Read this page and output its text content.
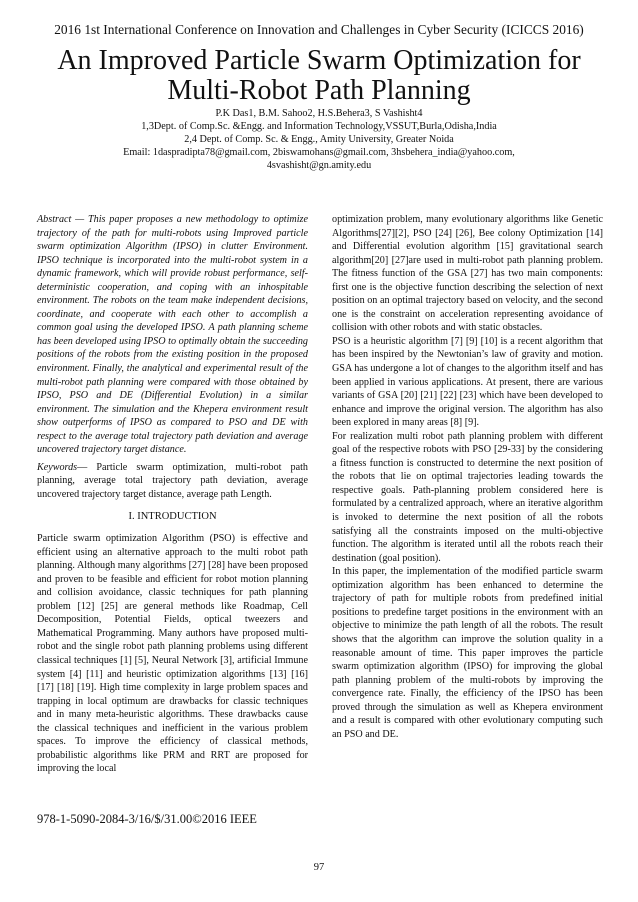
2016 1st International Conference on Innovation and Challenges in Cyber Security (ICICCS 2016)
An Improved Particle Swarm Optimization for
Multi-Robot Path Planning
P.K Das1, B.M. Sahoo2, H.S.Behera3, S Vashisht4
1,3Dept. of Comp.Sc. &Engg. and Information Technology,VSSUT,Burla,Odisha,India
2,4 Dept. of Comp. Sc. & Engg., Amity University, Greater Noida
Email: 1daspradipta78@gmail.com, 2biswamohans@gmail.com, 3hsbehera_india@yahoo.com,
4svashisht@gn.amity.edu

Abstract — This paper proposes a new methodology to optimize trajectory of the path for multi-robots using Improved particle swarm optimization Algorithm (IPSO) in clutter Environment. IPSO technique is incorporated into the multi-robot system in a dynamic framework, which will provide robust performance, self-deterministic cooperation, and coping with an inhospitable environment. The robots on the team make independent decisions, coordinate, and cooperate with each other to accomplish a common goal using the developed IPSO. A path planning scheme has been developed using IPSO to optimally obtain the succeeding positions of the robots from the existing position in the proposed environment. Finally, the analytical and experimental result of the multi-robot path planning were compared with those obtained by IPSO, PSO and DE (Differential Evolution) in a similar environment. The simulation and the Khepera environment result show outperforms of IPSO as compared to PSO and DE with respect to the average total trajectory path deviation and average uncovered trajectory target distance.

Keywords— Particle swarm optimization, multi-robot path planning, average total trajectory path deviation, average uncovered trajectory target distance, average path Length.

I. INTRODUCTION

Particle swarm optimization Algorithm (PSO) is effective and efficient using an alternative approach to the multi robot path planning. Although many algorithms [27] [28] have been proposed and proven to be feasible and efficient for robot motion planning and collision avoidance, classic techniques for path planning problem [12] [25] are general methods like Roadmap, Cell Decomposition, Potential Fields, optical tweezers and Mathematical Programming. Many authors have proposed multi-robot and the single robot path planning problems using different classical techniques [1] [5], Neural Network [3], artificial Immune system [4] [11] and heuristic optimization algorithms [13] [16] [17] [18] [19]. High time complexity in large problem spaces and trapping in local optimum are drawbacks for classic techniques and in many meta-heuristic algorithms. These drawbacks cause the classical techniques and inefficient in the various problem spaces. To improve the efficiency of classical methods, probabilistic algorithms like PRM and RRT are proposed for improving the local

optimization problem, many evolutionary algorithms like Genetic Algorithms[27][2], PSO [24] [26], Bee colony Optimization [14] and Differential evolution algorithm [15] gravitational search algorithm[20] [27]are used in multi-robot path planning problem. The fitness function of the GSA [27] has two main components: first one is the objective function describing the selection of next position on an optimal trajectory based on velocity, and the second one is the constraint on acceleration representing avoidance of collision with other robots and with static obstacles.

PSO is a heuristic algorithm [7] [9] [10] is a recent algorithm that has been inspired by the Newtonian’s law of gravity and motion. GSA has undergone a lot of changes to the algorithm itself and has been applied in various applications. At present, there are various variants of GSA [20] [21] [22] [23] which have been developed to enhance and improve the original version. The algorithm has also been explored in many areas [8] [9].

For realization multi robot path planning problem with different goal of the respective robots with PSO [29-33] by the considering a fitness function is constructed to determine the next position of the robots that lie on optimal trajectories leading towards the respective goals. Path-planning problem considered here is formulated by a centralized approach, where an iterative algorithm is invoked to determine the next position of all the robots satisfying all the constraints imposed on the multi-objective function. The algorithm is iterated until all the robots reach their destination (goal position).

In this paper, the implementation of the modified particle swarm optimization algorithm has been enhanced to determine the trajectory of path for multiple robots from predefined initial positions to predefine target positions in the environment with an objective to minimize the path length of all the robots. The result shows that the algorithm can improve the solution quality in a reasonable amount of time. This paper improves the particle swarm optimization algorithm (IPSO) for improving the global path planning problem of the multi-robots by improving the convergence rate. Finally, the efficiency of the IPSO has been proved through the simulation as well as Khepera environment and a result is compared with other evolutionary computing such an PSO and DE.

978-1-5090-2084-3/16/$/31.00©2016 IEEE
97
